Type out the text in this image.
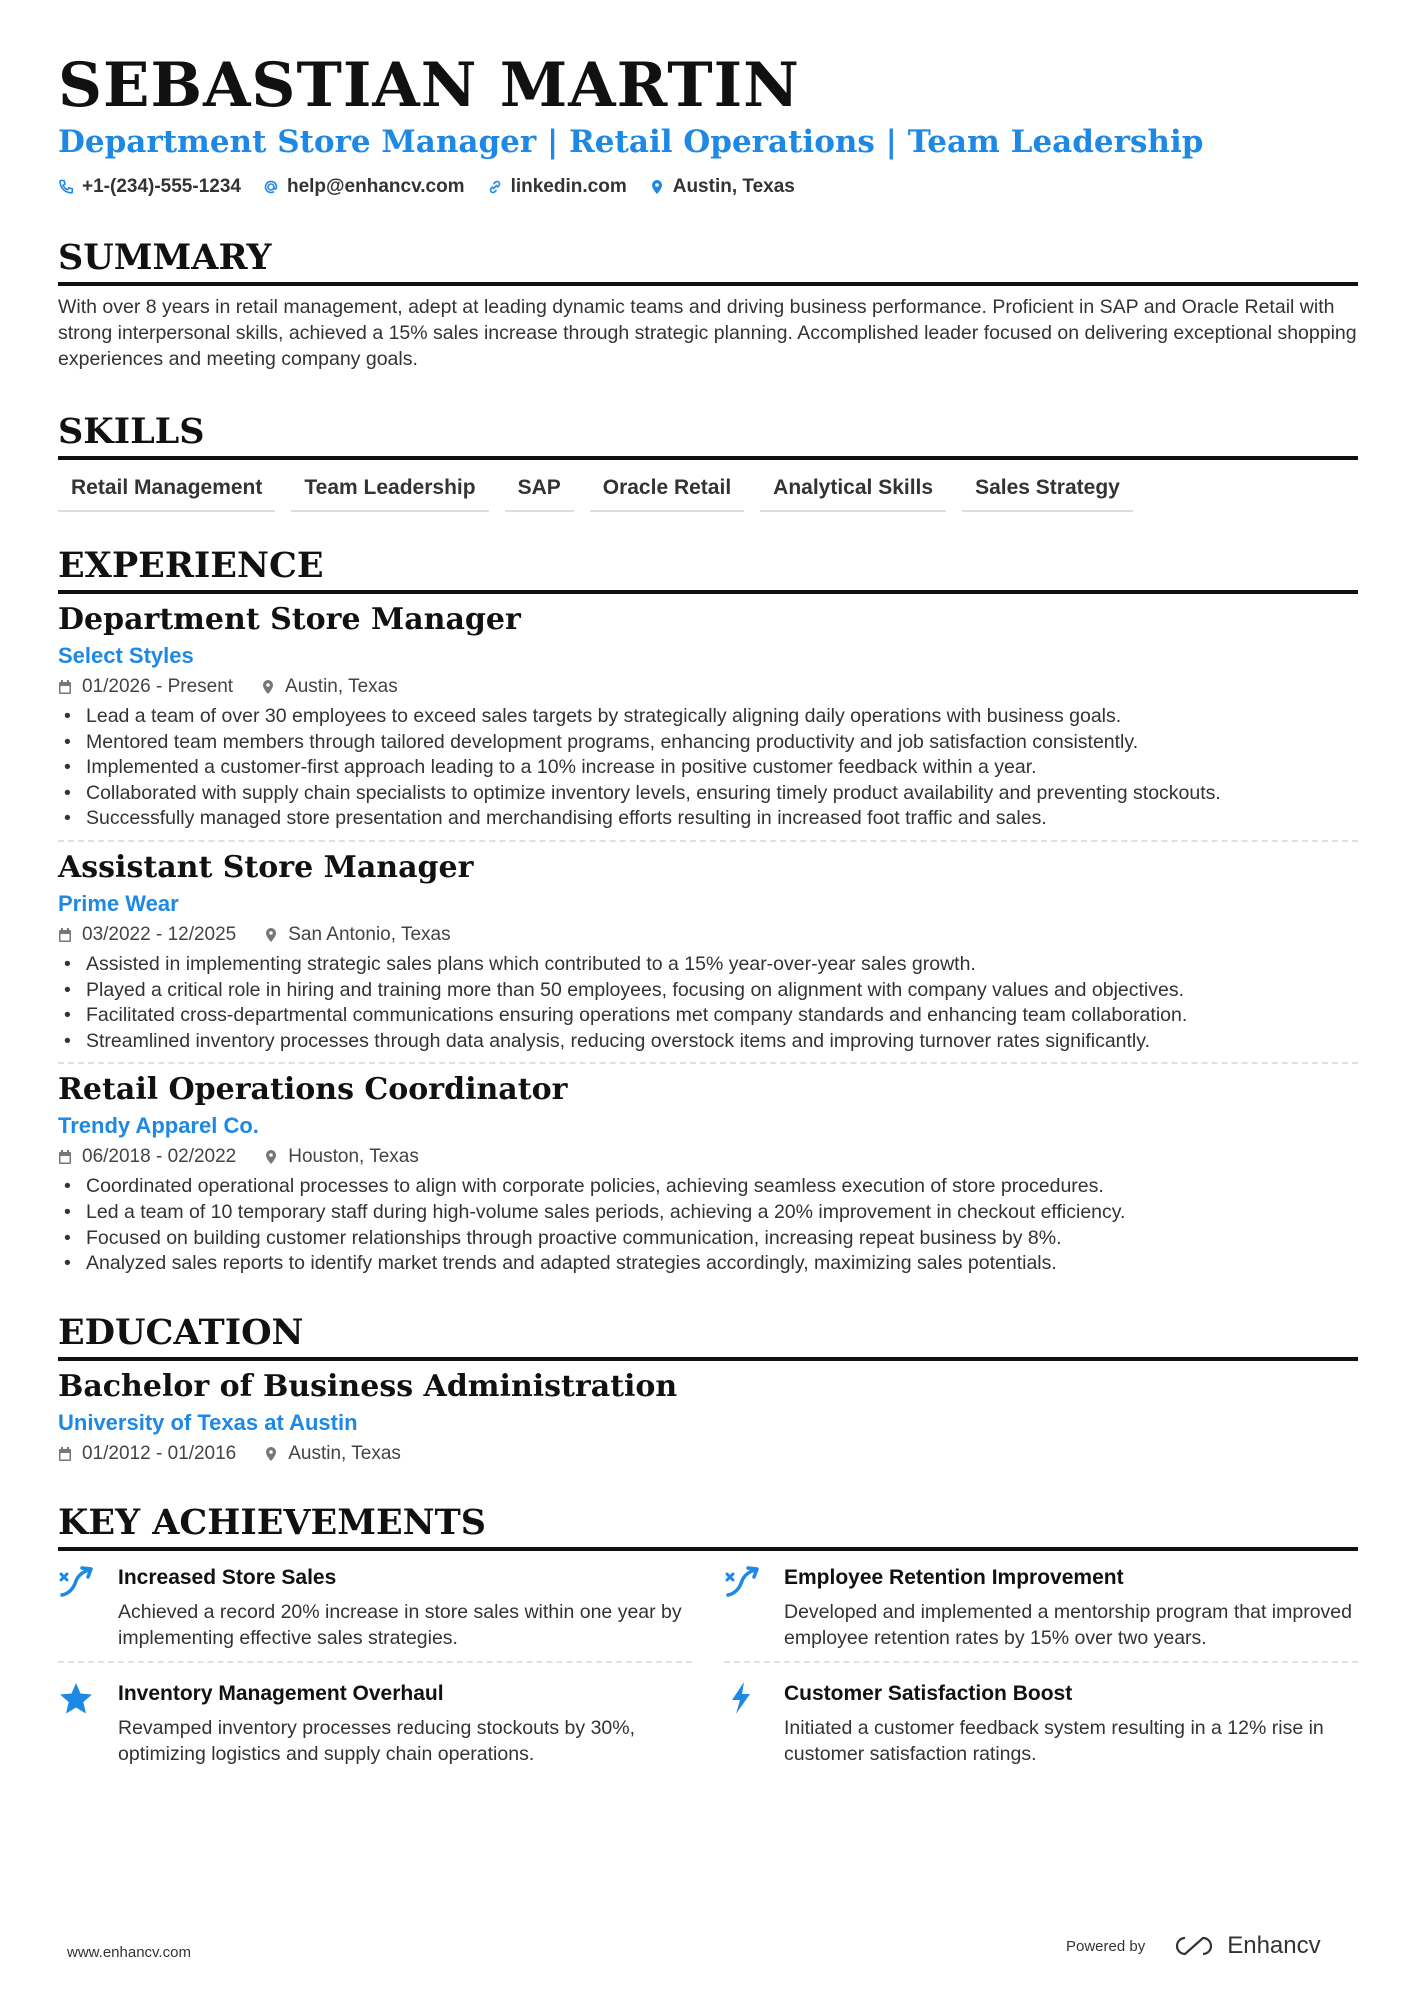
SEBASTIAN MARTIN

Department Store Manager | Retail Operations | Team Leadership

+1-(234)-555-1234 help@enhancv.com linkedin.com Austin, Texas
SUMMARY

With over 8 years in retail management, adept at leading dynamic teams and driving business performance. Proficient in SAP and Oracle Retail with strong interpersonal skills, achieved a 15% sales increase through strategic planning. Accomplished leader focused on delivering exceptional shopping experiences and meeting company goals.

SKILLS
Retail Management	Team Leadership	SAP	Oracle Retail	Analytical Skills	Sales Strategy
EXPERIENCE
Department Store Manager

Select Styles

01/2026 - Present	Austin, Texas
• Lead a team of over 30 employees to exceed sales targets by strategically aligning daily operations with business goals.
• Mentored team members through tailored development programs, enhancing productivity and job satisfaction consistently.
• Implemented a customer-first approach leading to a 10% increase in positive customer feedback within a year.
• Collaborated with supply chain specialists to optimize inventory levels, ensuring timely product availability and preventing stockouts.
• Successfully managed store presentation and merchandising efforts resulting in increased foot traffic and sales.
Assistant Store Manager

Prime Wear

03/2022 - 12/2025	San Antonio, Texas
• Assisted in implementing strategic sales plans which contributed to a 15% year-over-year sales growth.
• Played a critical role in hiring and training more than 50 employees, focusing on alignment with company values and objectives.
• Facilitated cross-departmental communications ensuring operations met company standards and enhancing team collaboration.
• Streamlined inventory processes through data analysis, reducing overstock items and improving turnover rates significantly.
Retail Operations Coordinator

Trendy Apparel Co.

06/2018 - 02/2022	Houston, Texas
• Coordinated operational processes to align with corporate policies, achieving seamless execution of store procedures.
• Led a team of 10 temporary staff during high-volume sales periods, achieving a 20% improvement in checkout efficiency.
• Focused on building customer relationships through proactive communication, increasing repeat business by 8%.
• Analyzed sales reports to identify market trends and adapted strategies accordingly, maximizing sales potentials.
EDUCATION
Bachelor of Business Administration

University of Texas at Austin

01/2012 - 01/2016	Austin, Texas
KEY ACHIEVEMENTS

Increased Store Sales

Achieved a record 20% increase in store sales within one year by implementing effective sales strategies.

Employee Retention Improvement

Developed and implemented a mentorship program that improved employee retention rates by 15% over two years.

Inventory Management Overhaul

Revamped inventory processes reducing stockouts by 30%, optimizing logistics and supply chain operations.

Customer Satisfaction Boost

Initiated a customer feedback system resulting in a 12% rise in customer satisfaction ratings.

www.enhancv.com	Powered by	Enhancv
